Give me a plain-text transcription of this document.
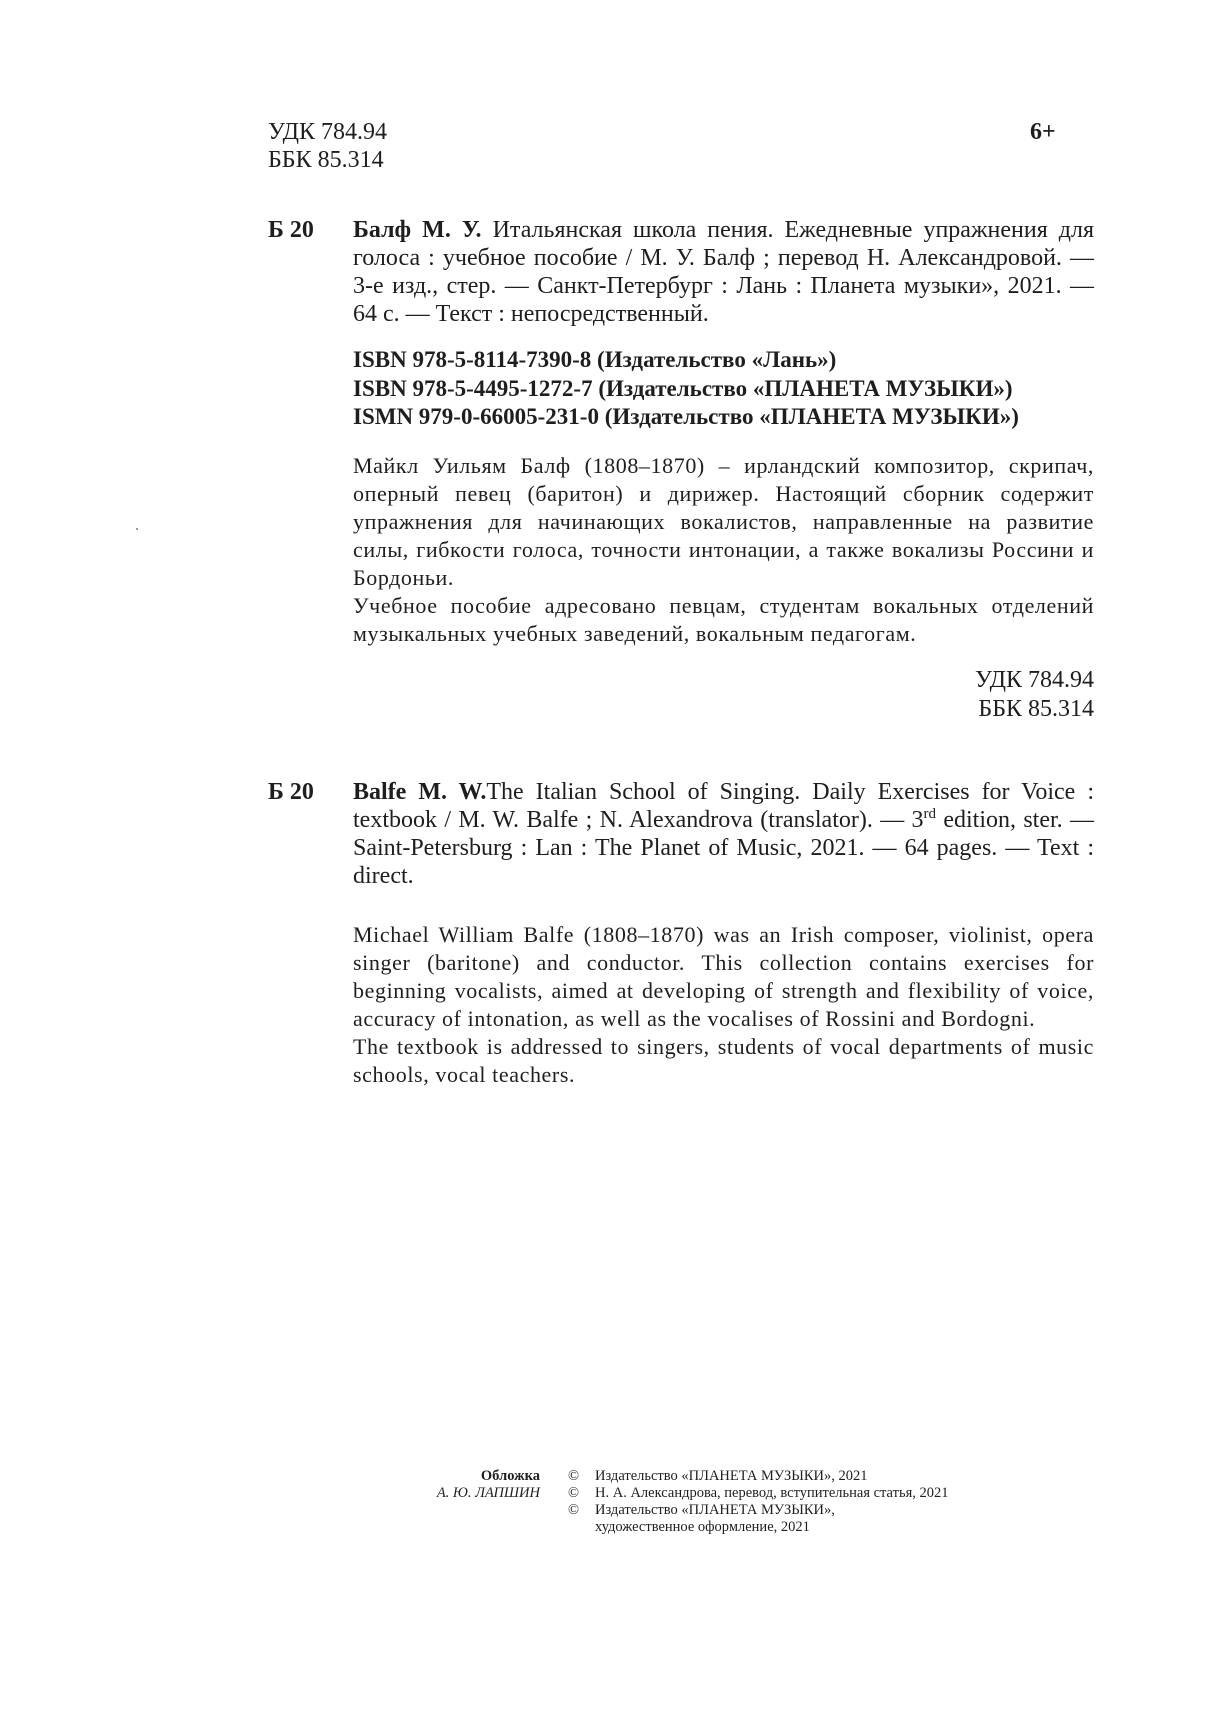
УДК 784.94
ББК 85.314
6+
Б 20	Балф М. У. Итальянская школа пения. Ежедневные упражнения для голоса : учебное пособие / М. У. Балф ; перевод Н. Александровой. — 3-е изд., стер. — Санкт-Петербург : Лань : Планета музыки», 2021. — 64 с. — Текст : непосредственный.
ISBN 978-5-8114-7390-8 (Издательство «Лань»)
ISBN 978-5-4495-1272-7 (Издательство «ПЛАНЕТА МУЗЫКИ»)
ISMN 979-0-66005-231-0 (Издательство «ПЛАНЕТА МУЗЫКИ»)

Майкл Уильям Балф (1808–1870) – ирландский композитор, скрипач, оперный певец (баритон) и дирижер. Настоящий сборник содержит упражнения для начинающих вокалистов, направленные на развитие силы, гибкости голоса, точности интонации, а также вокализы Россини и Бордоньи.

Учебное пособие адресовано певцам, студентам вокальных отделений музыкальных учебных заведений, вокальным педагогам.

УДК 784.94
ББК 85.314
Б 20	Balfe M. W.The Italian School of Singing. Daily Exercises for Voice : textbook / M. W. Balfe ; N. Alexandrova (translator). — 3rd edition, ster. — Saint-Petersburg : Lan : The Planet of Music, 2021. — 64 pages. — Text : direct.

Michael William Balfe (1808–1870) was an Irish composer, violinist, opera singer (baritone) and conductor. This collection contains exercises for beginning vocalists, aimed at developing of strength and flexibility of voice, accuracy of intonation, as well as the vocalises of Rossini and Bordogni.

The textbook is addressed to singers, students of vocal departments of music schools, vocal teachers.

Обложка
А. Ю. ЛАПШИН
© Издательство «ПЛАНЕТА МУЗЫКИ», 2021
© Н. А. Александрова, перевод, вступительная статья, 2021
© Издательство «ПЛАНЕТА МУЗЫКИ»,
художественное оформление, 2021
